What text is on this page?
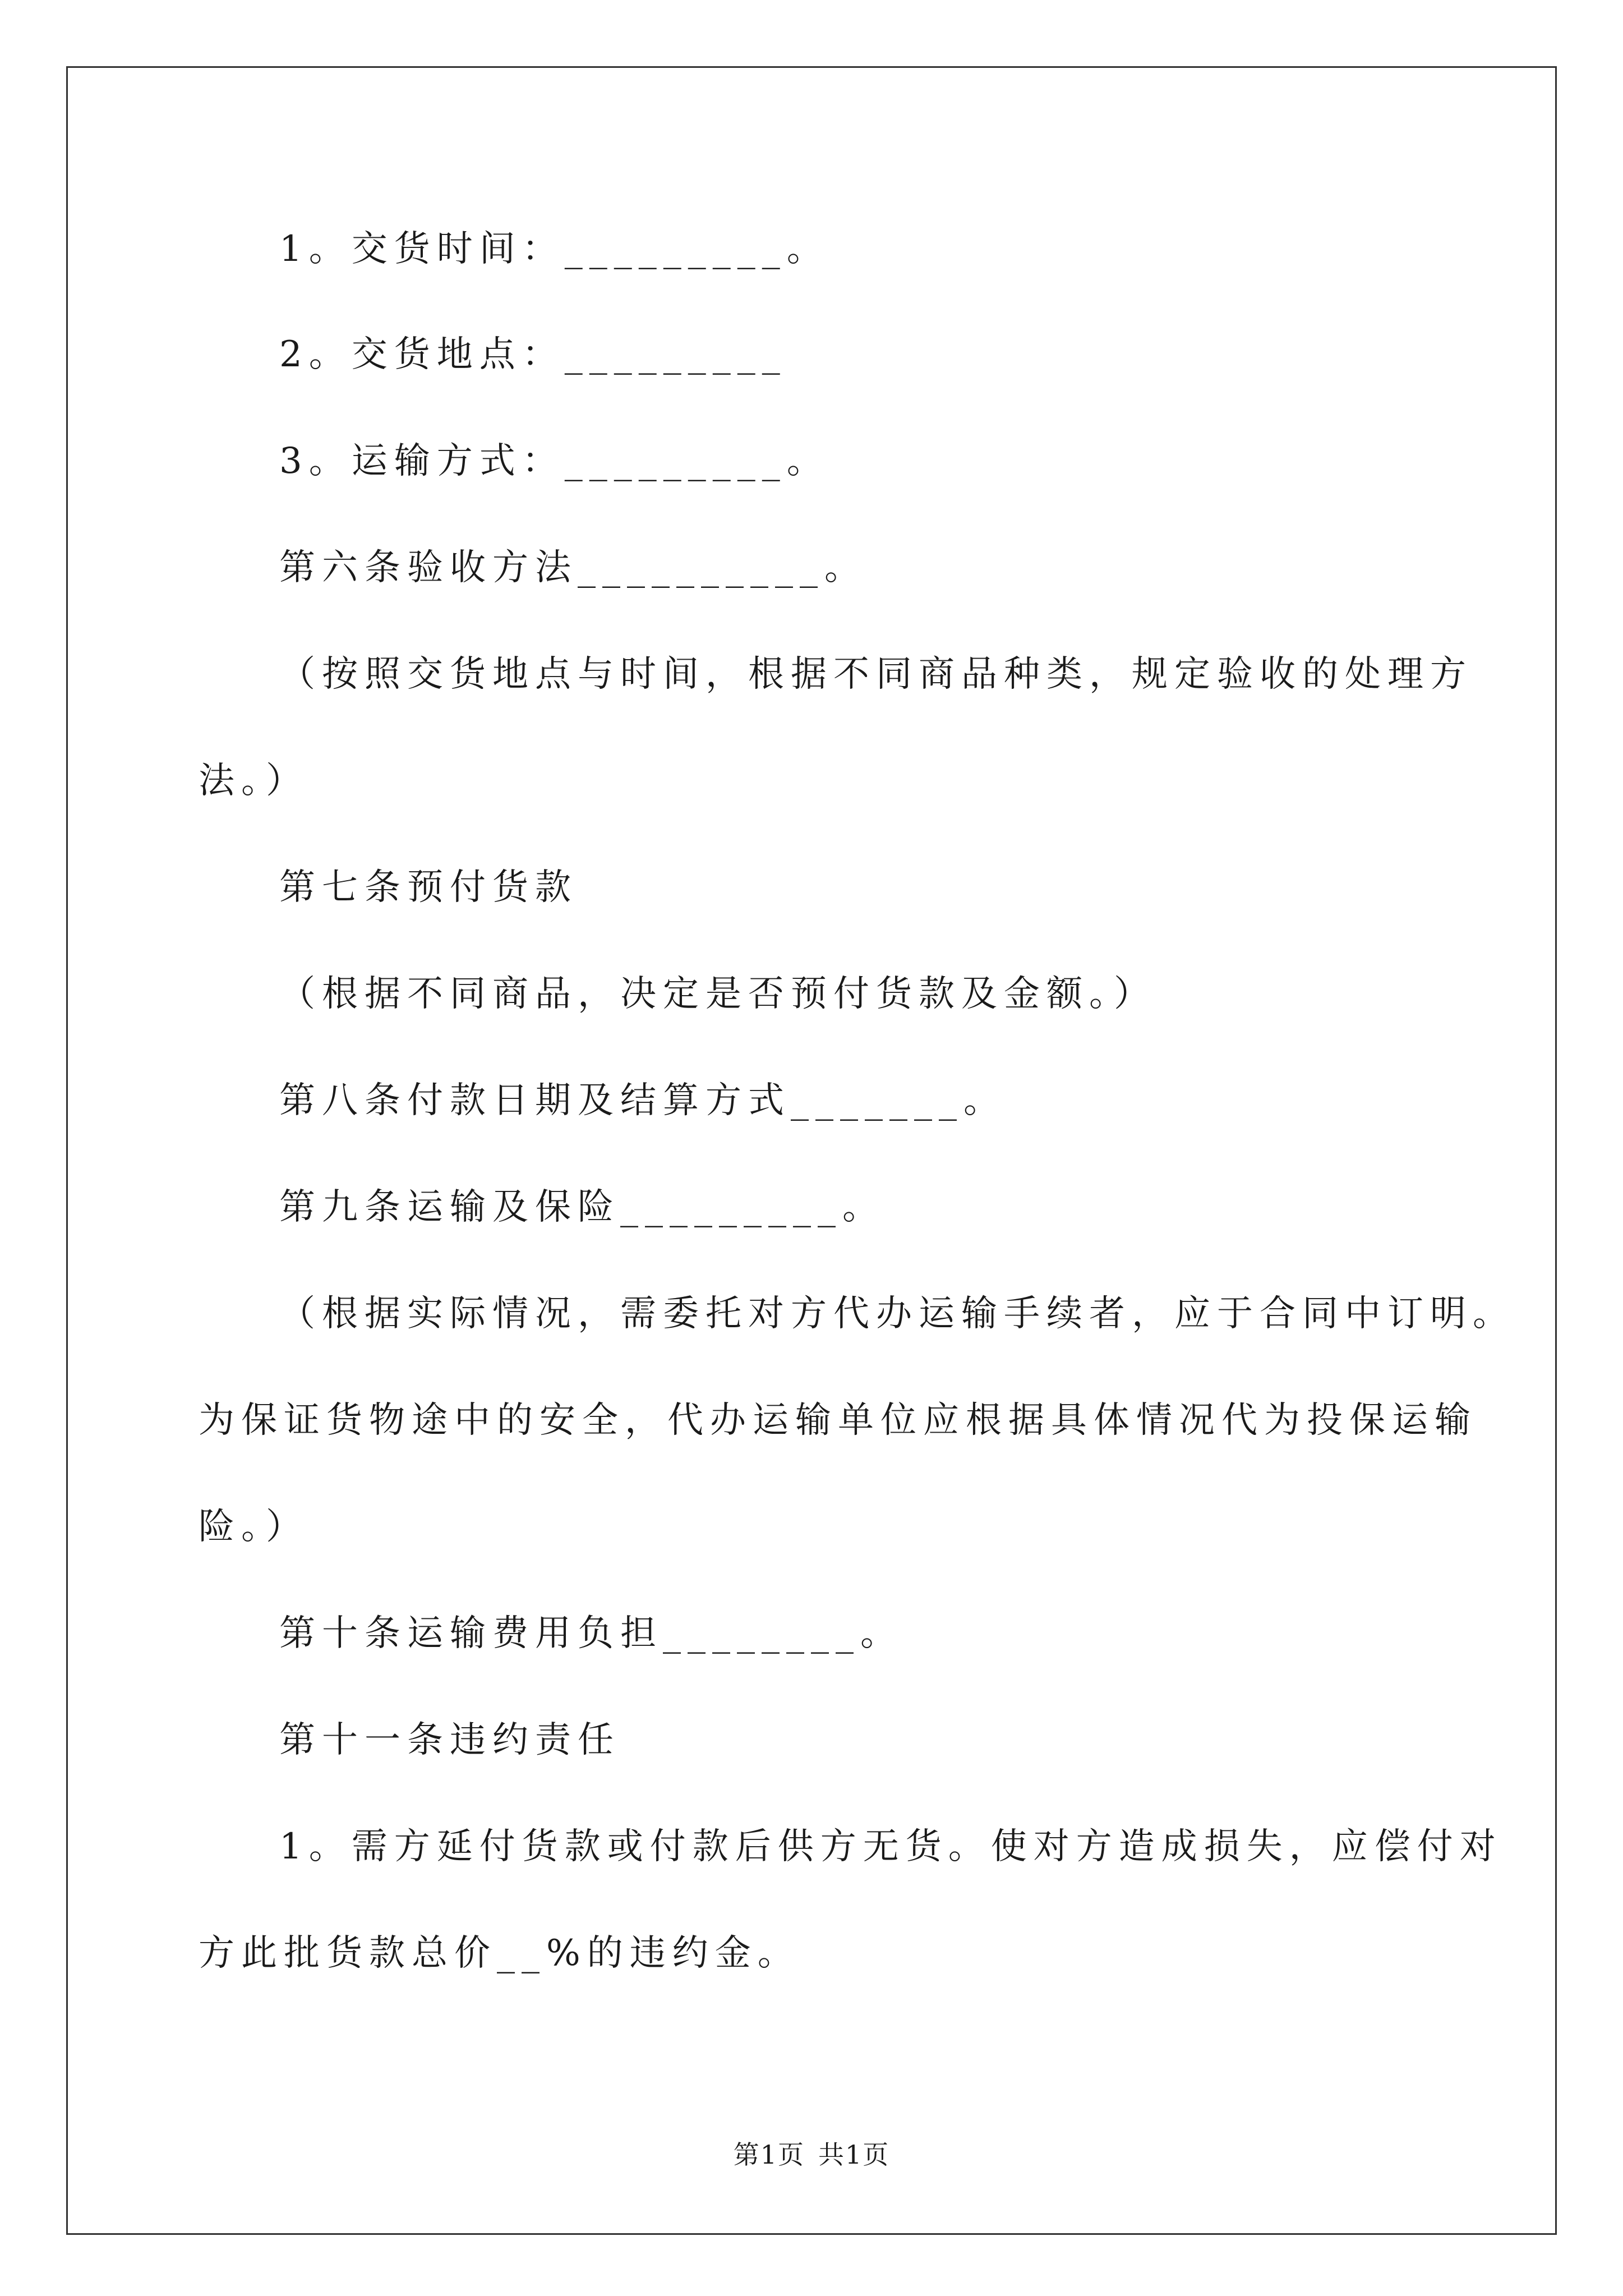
1。交货时间：_________。
2。交货地点：_________
3。运输方式：_________。
第六条验收方法__________。
（按照交货地点与时间，根据不同商品种类，规定验收的处理方
法。）
第七条预付货款
（根据不同商品，决定是否预付货款及金额。）
第八条付款日期及结算方式_______。
第九条运输及保险_________。
（根据实际情况，需委托对方代办运输手续者，应于合同中订明。
为保证货物途中的安全，代办运输单位应根据具体情况代为投保运输
险。）
第十条运输费用负担________。
第十一条违约责任
1。需方延付货款或付款后供方无货。使对方造成损失，应偿付对
方此批货款总价__%的违约金。
第1页 共1页
